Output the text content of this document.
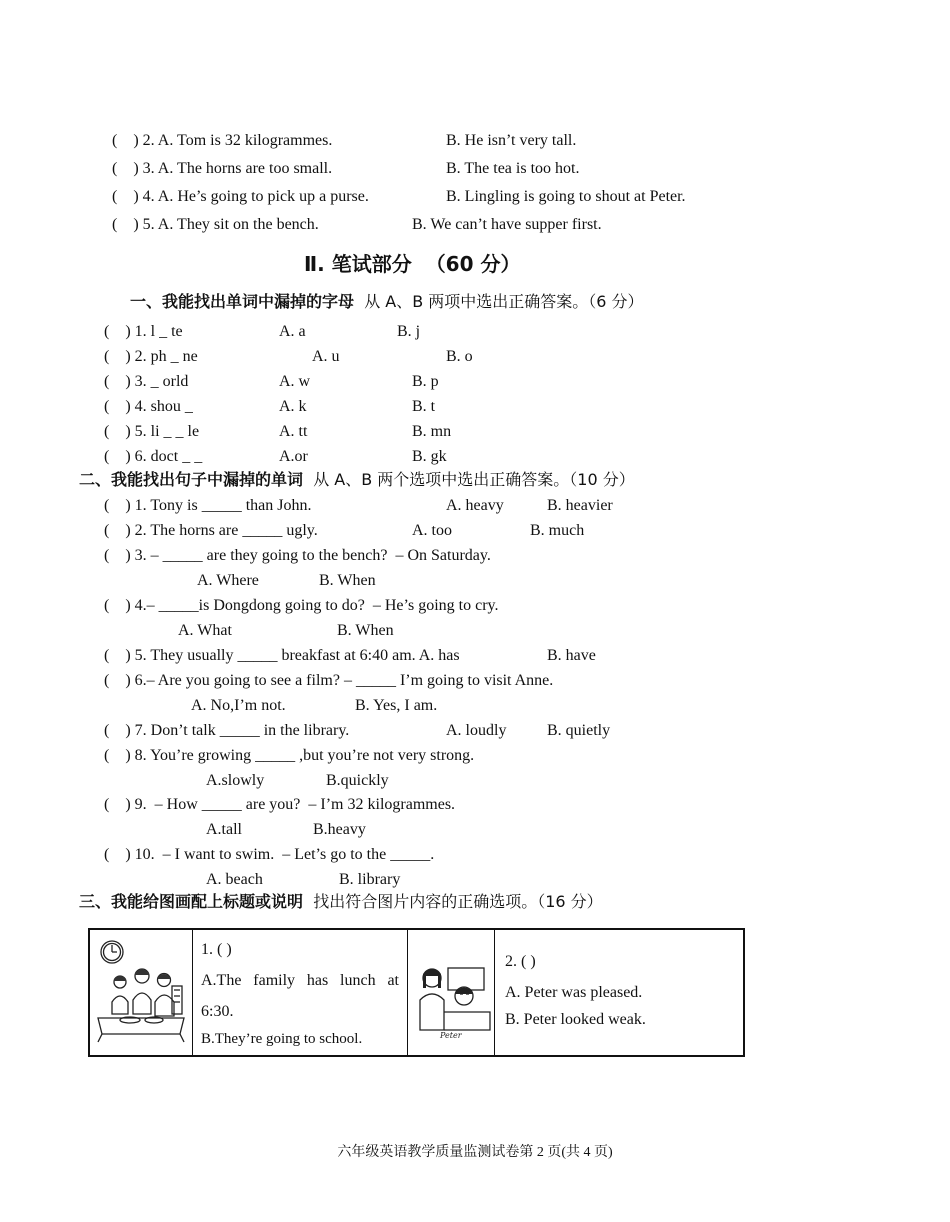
(    ) 2. A. Tom is 32 kilogrammes.	B. He isn’t very tall.
(    ) 3. A. The horns are too small.	B. The tea is too hot.
(    ) 4. A. He’s going to pick up a purse.	B. Lingling is going to shout at Peter.
(    ) 5. A. They sit on the bench.	B. We can’t have supper first.
Ⅱ. 笔试部分  （60 分）
一、我能找出单词中漏掉的字母  从 A、B 两项中选出正确答案。（6 分）
(    ) 1. l _ te	A. a	B. j
(    ) 2. ph _ ne	A. u	B. o
(    ) 3. _ orld	A. w	B. p
(    ) 4. shou _	A. k	B. t
(    ) 5. li _ _ le	A. tt	B. mn
(    ) 6. doct _ _	A.or	B. gk
二、我能找出句子中漏掉的单词  从 A、B 两个选项中选出正确答案。（10 分）
(    ) 1. Tony is _____ than John.	A. heavy	B. heavier
(    ) 2. The horns are _____ ugly.	A. too	B. much
(    ) 3. – _____ are they going to the bench?  – On Saturday.
A. Where	B. When
(    ) 4.– _____is Dongdong going to do?  – He’s going to cry.
A. What	B. When
(    ) 5. They usually _____ breakfast at 6:40 am. A. has	B. have
(    ) 6.– Are you going to see a film? – _____ I’m going to visit Anne.
A. No,I’m not.	B. Yes, I am.
(    ) 7. Don’t talk _____ in the library.	A. loudly	B. quietly
(    ) 8. You’re growing _____ ,but you’re not very strong.
A.slowly	B.quickly
(    ) 9.  – How _____ are you?  – I’m 32 kilogrammes.
A.tall	B.heavy
(    ) 10.  – I want to swim.  – Let’s go to the _____.
A. beach	B. library
三、我能给图画配上标题或说明  找出符合图片内容的正确选项。（16 分）

1. ( )
A.The family has lunch at 6:30.
B.They’re going to school.	Peter

2. ( )
A. Peter was pleased.
B. Peter looked weak.
六年级英语教学质量监测试卷第 2 页(共 4 页)
